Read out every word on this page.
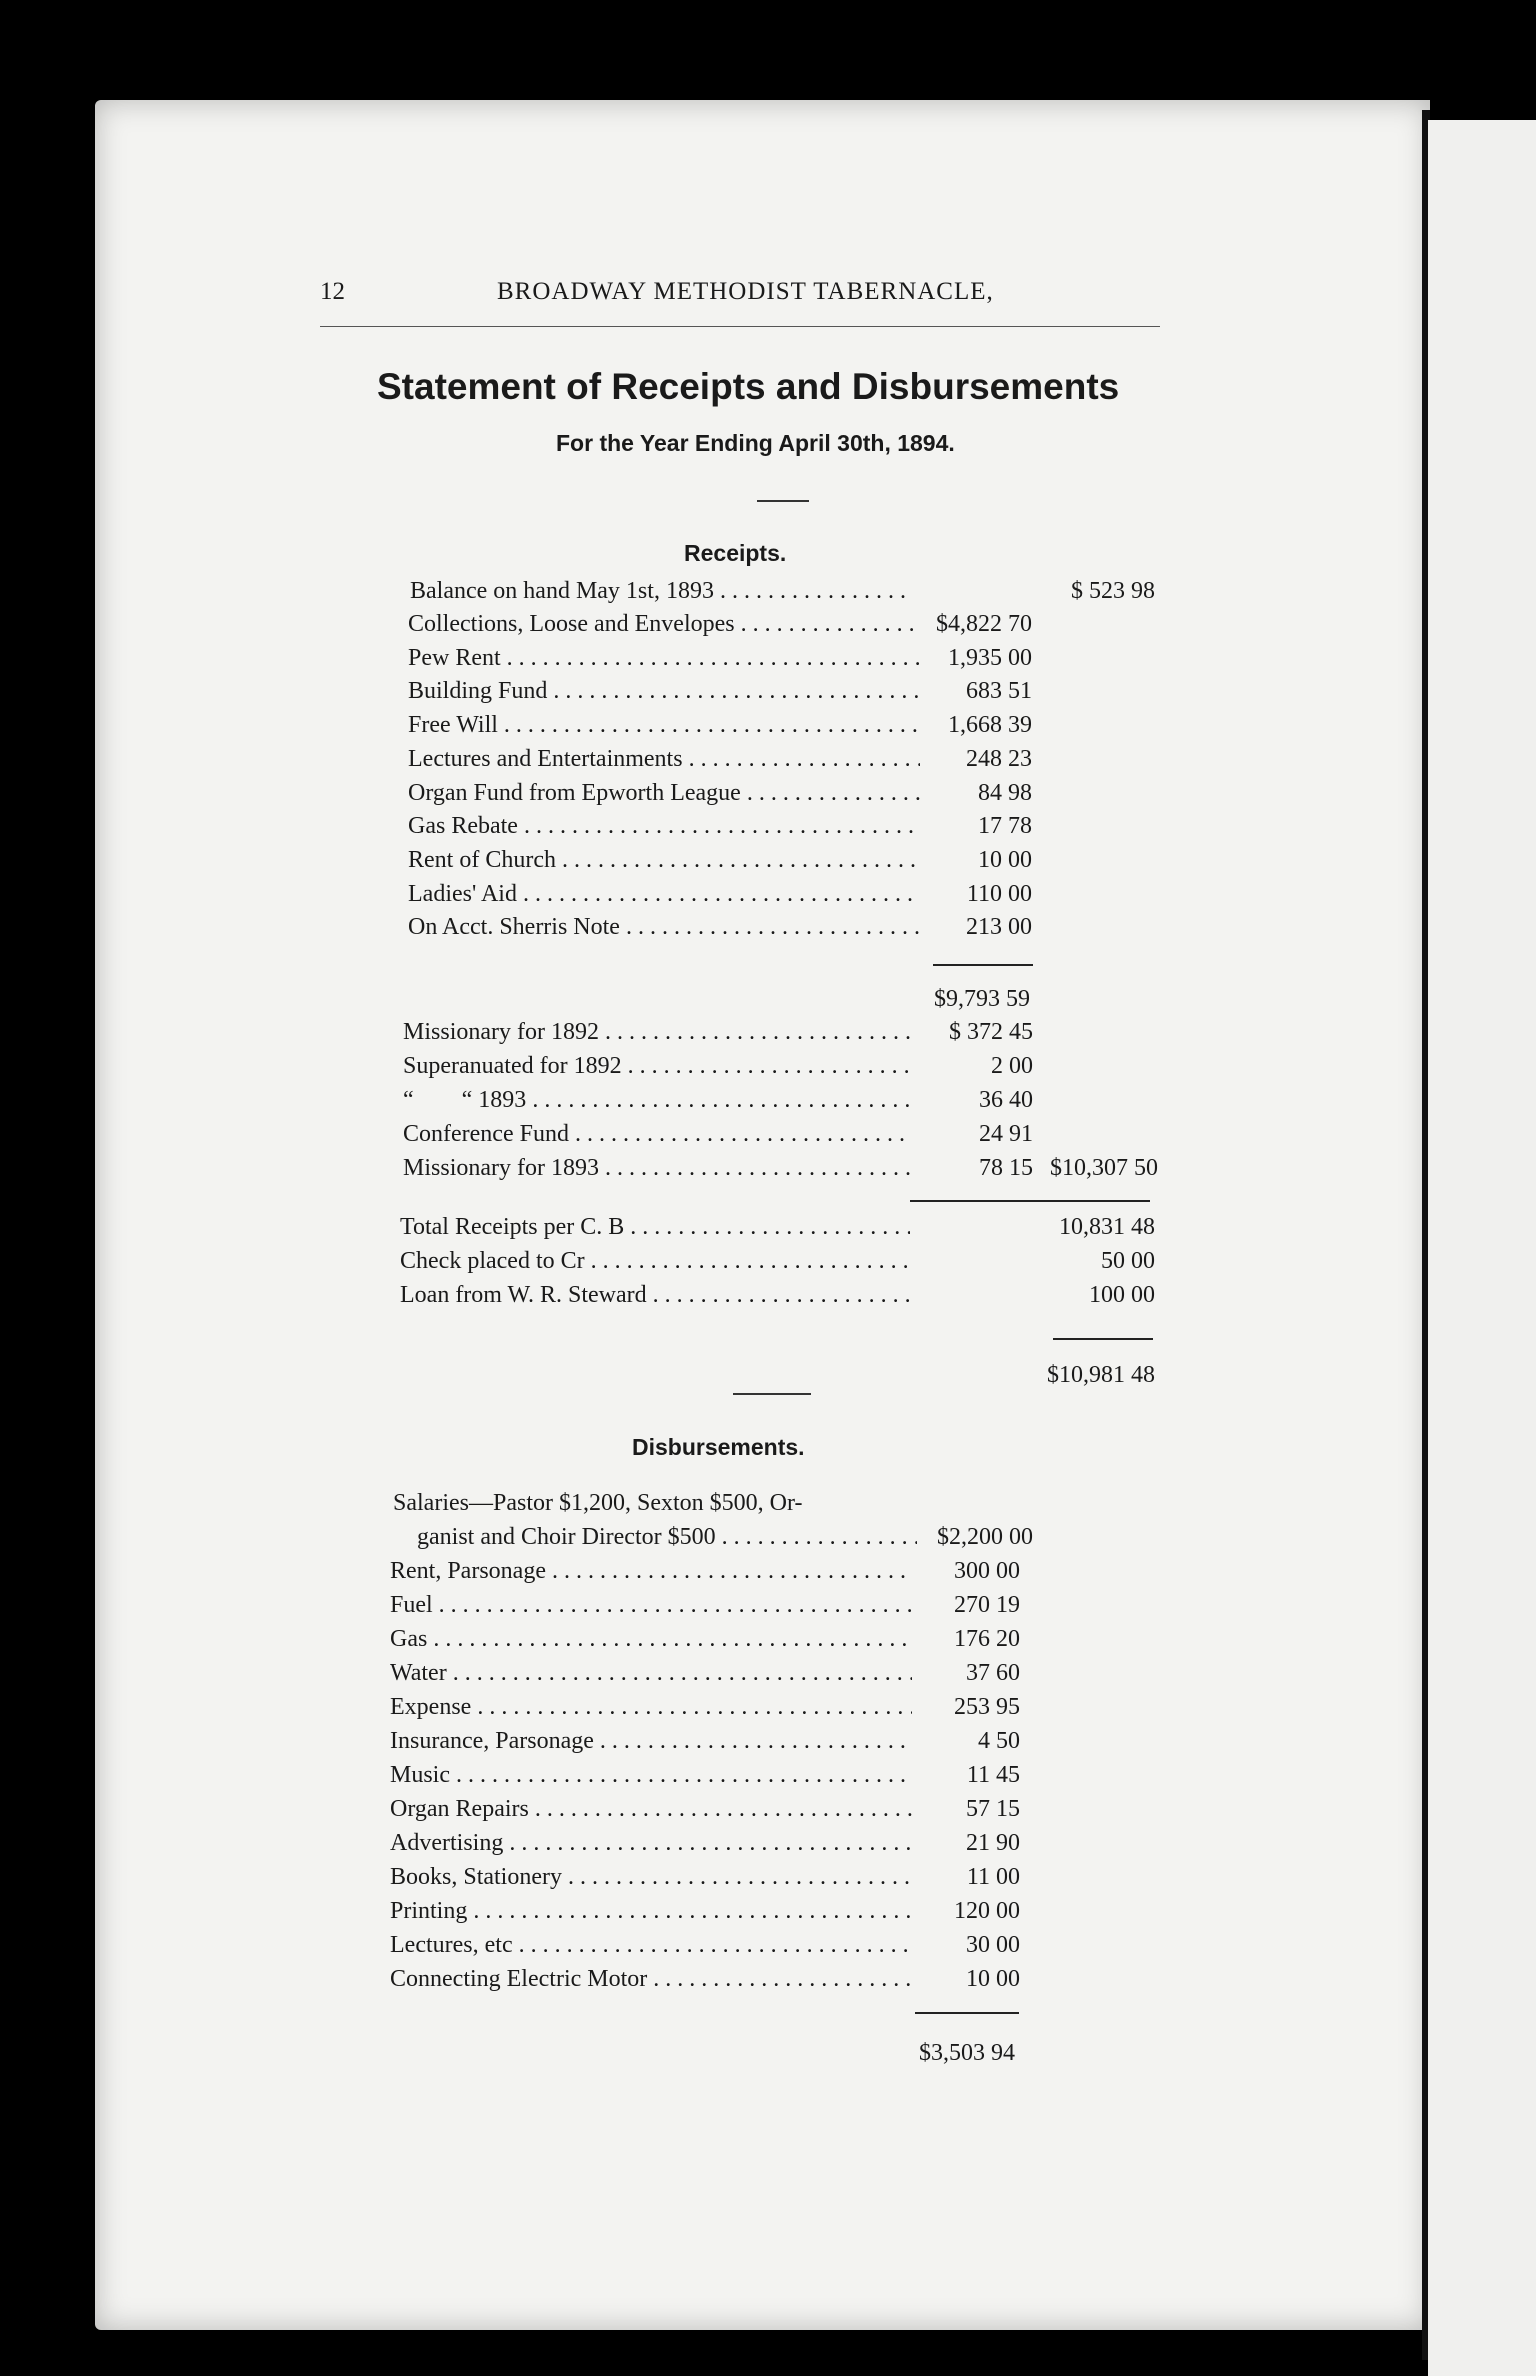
12	BROADWAY METHODIST TABERNACLE,
Statement of Receipts and Disbursements
For the Year Ending April 30th, 1894.
Receipts.
Balance on hand May 1st, 1893 . . .	$ 523 98
Collections, Loose and Envelopes . . .	$4,822 70
Pew Rent . . .	1,935 00
Building Fund . . .	683 51
Free Will . . .	1,668 39
Lectures and Entertainments . . .	248 23
Organ Fund from Epworth League . . .	84 98
Gas Rebate . . .	17 78
Rent of Church . . .	10 00
Ladies' Aid . . .	110 00
On Acct. Sherris Note . . .	213 00
$9,793 59
Missionary for 1892 . . .	$ 372 45
Superanuated for 1892 . . .	2 00
“        “ 1893 . . .	36 40
Conference Fund . . .	24 91
Missionary for 1893 . . .	78 15 $10,307 50
Total Receipts per C. B . . .	10,831 48
Check placed to Cr . . .	50 00
Loan from W. R. Steward . . .	100 00
$10,981 48
Disbursements.
Salaries—Pastor $1,200, Sexton $500, Or-
ganist and Choir Director $500 . . .	$2,200 00
Rent, Parsonage . . .	300 00
Fuel . . .	270 19
Gas . . .	176 20
Water . . .	37 60
Expense . . .	253 95
Insurance, Parsonage . . .	4 50
Music . . .	11 45
Organ Repairs . . .	57 15
Advertising . . .	21 90
Books, Stationery . . .	11 00
Printing . . .	120 00
Lectures, etc . . .	30 00
Connecting Electric Motor . . .	10 00
$3,503 94
